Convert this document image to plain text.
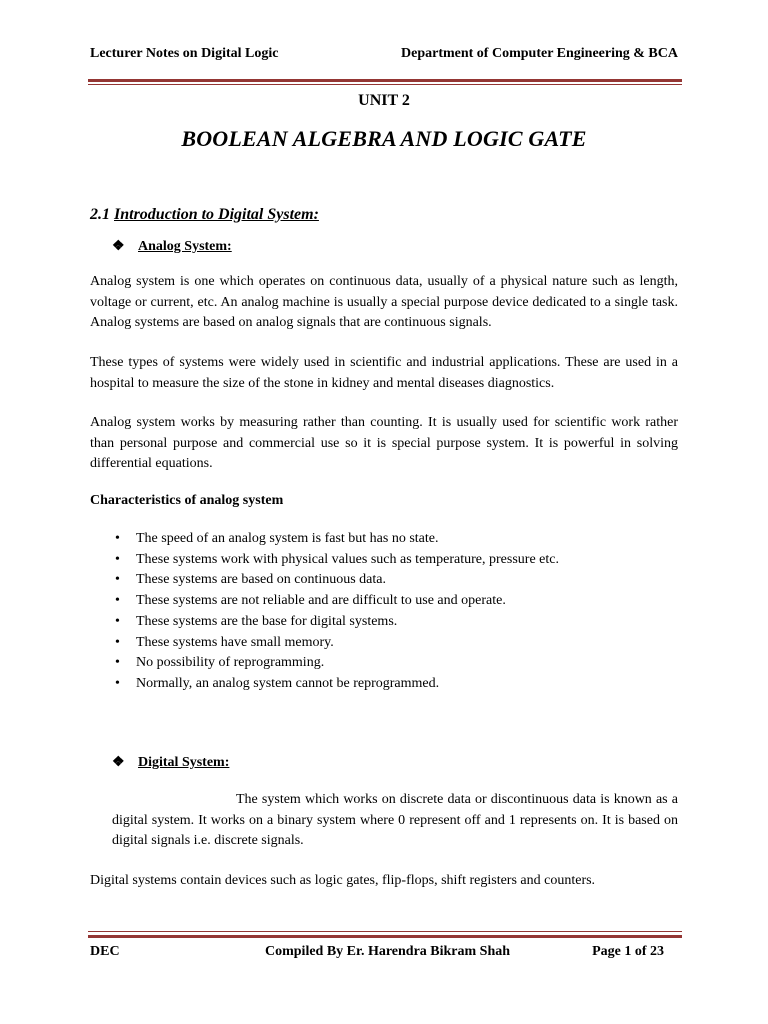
Lecturer Notes on Digital Logic	Department of Computer Engineering & BCA
UNIT 2
BOOLEAN ALGEBRA AND LOGIC GATE
2.1 Introduction to Digital System:
❖ Analog System:

Analog system is one which operates on continuous data, usually of a physical nature such as length, voltage or current, etc. An analog machine is usually a special purpose device dedicated to a single task. Analog systems are based on analog signals that are continuous signals.

These types of systems were widely used in scientific and industrial applications. These are used in a hospital to measure the size of the stone in kidney and mental diseases diagnostics.

Analog system works by measuring rather than counting. It is usually used for scientific work rather than personal purpose and commercial use so it is special purpose system. It is powerful in solving differential equations.

Characteristics of analog system
• The speed of an analog system is fast but has no state.
• These systems work with physical values such as temperature, pressure etc.
• These systems are based on continuous data.
• These systems are not reliable and are difficult to use and operate.
• These systems are the base for digital systems.
• These systems have small memory.
• No possibility of reprogramming.
• Normally, an analog system cannot be reprogrammed.
❖ Digital System:

The system which works on discrete data or discontinuous data is known as a digital system. It works on a binary system where 0 represent off and 1 represents on. It is based on digital signals i.e. discrete signals.

Digital systems contain devices such as logic gates, flip-flops, shift registers and counters.

DEC	Compiled By Er. Harendra Bikram Shah	Page 1 of 23
